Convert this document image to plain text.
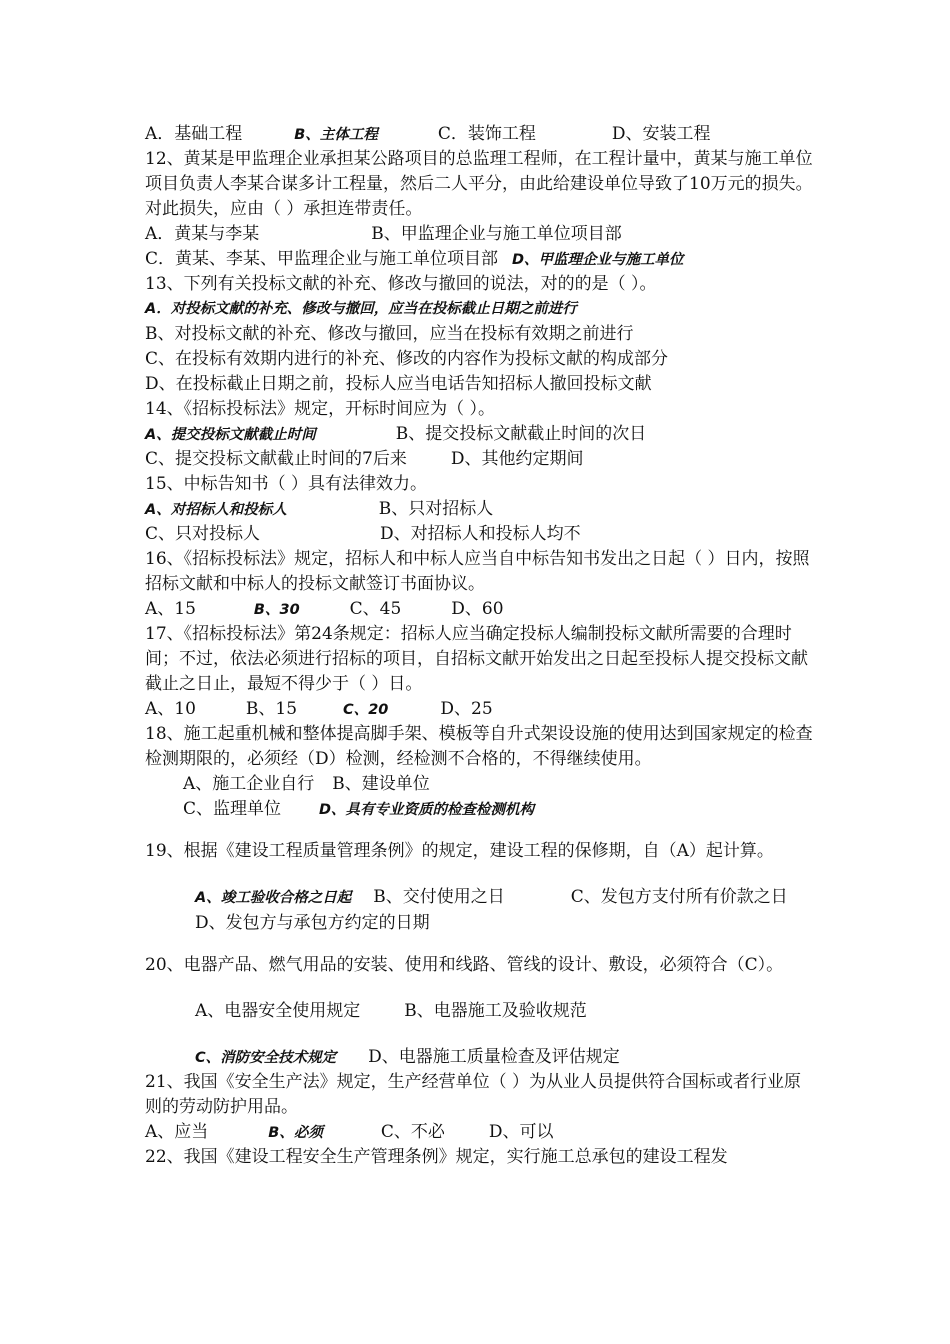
A．基础工程	B、主体工程	C．装饰工程	D、安装工程
12、黄某是甲监理企业承担某公路项目的总监理工程师，在工程计量中，黄某与施工单位项目负责人李某合谋多计工程量，然后二人平分，由此给建设单位导致了10万元的损失。对此损失，应由（ ）承担连带责任。
A．黄某与李某	B、甲监理企业与施工单位项目部
C．黄某、李某、甲监理企业与施工单位项目部 D、甲监理企业与施工单位
13、下列有关投标文献的补充、修改与撤回的说法，对的的是（ ）。
A．对投标文献的补充、修改与撤回，应当在投标截止日期之前进行
B、对投标文献的补充、修改与撤回，应当在投标有效期之前进行
C、在投标有效期内进行的补充、修改的内容作为投标文献的构成部分
D、在投标截止日期之前，投标人应当电话告知招标人撤回投标文献
14、《招标投标法》规定，开标时间应为（ ）。
A、提交投标文献截止时间	B、提交投标文献截止时间的次日
C、提交投标文献截止时间的7后来	D、其他约定期间
15、中标告知书（ ）具有法律效力。
A、对招标人和投标人	B、只对招标人
C、只对投标人	D、对招标人和投标人均不
16、《招标投标法》规定，招标人和中标人应当自中标告知书发出之日起（ ）日内，按照招标文献和中标人的投标文献签订书面协议。
A、15	B、30	C、45	D、60
17、《招标投标法》第24条规定：招标人应当确定投标人编制投标文献所需要的合理时间；不过，依法必须进行招标的项目，自招标文献开始发出之日起至投标人提交投标文献截止之日止，最短不得少于（ ）日。
A、10	B、15	C、20	D、25
18、施工起重机械和整体提高脚手架、模板等自升式架设设施的使用达到国家规定的检查检测期限的，必须经（D）检测，经检测不合格的，不得继续使用。
A、施工企业自行 B、建设单位
C、监理单位	D、具有专业资质的检查检测机构
19、根据《建设工程质量管理条例》的规定，建设工程的保修期，自（A）起计算。
A、竣工验收合格之日起 B、交付使用之日	C、发包方支付所有价款之日D、发包方与承包方约定的日期
20、电器产品、燃气用品的安装、使用和线路、管线的设计、敷设，必须符合（C）。
A、电器安全使用规定	B、电器施工及验收规范
C、消防安全技术规定 D、电器施工质量检查及评估规定
21、我国《安全生产法》规定，生产经营单位（ ）为从业人员提供符合国标或者行业原则的劳动防护用品。
A、应当	B、必须	C、不必	D、可以
22、我国《建设工程安全生产管理条例》规定，实行施工总承包的建设工程发
